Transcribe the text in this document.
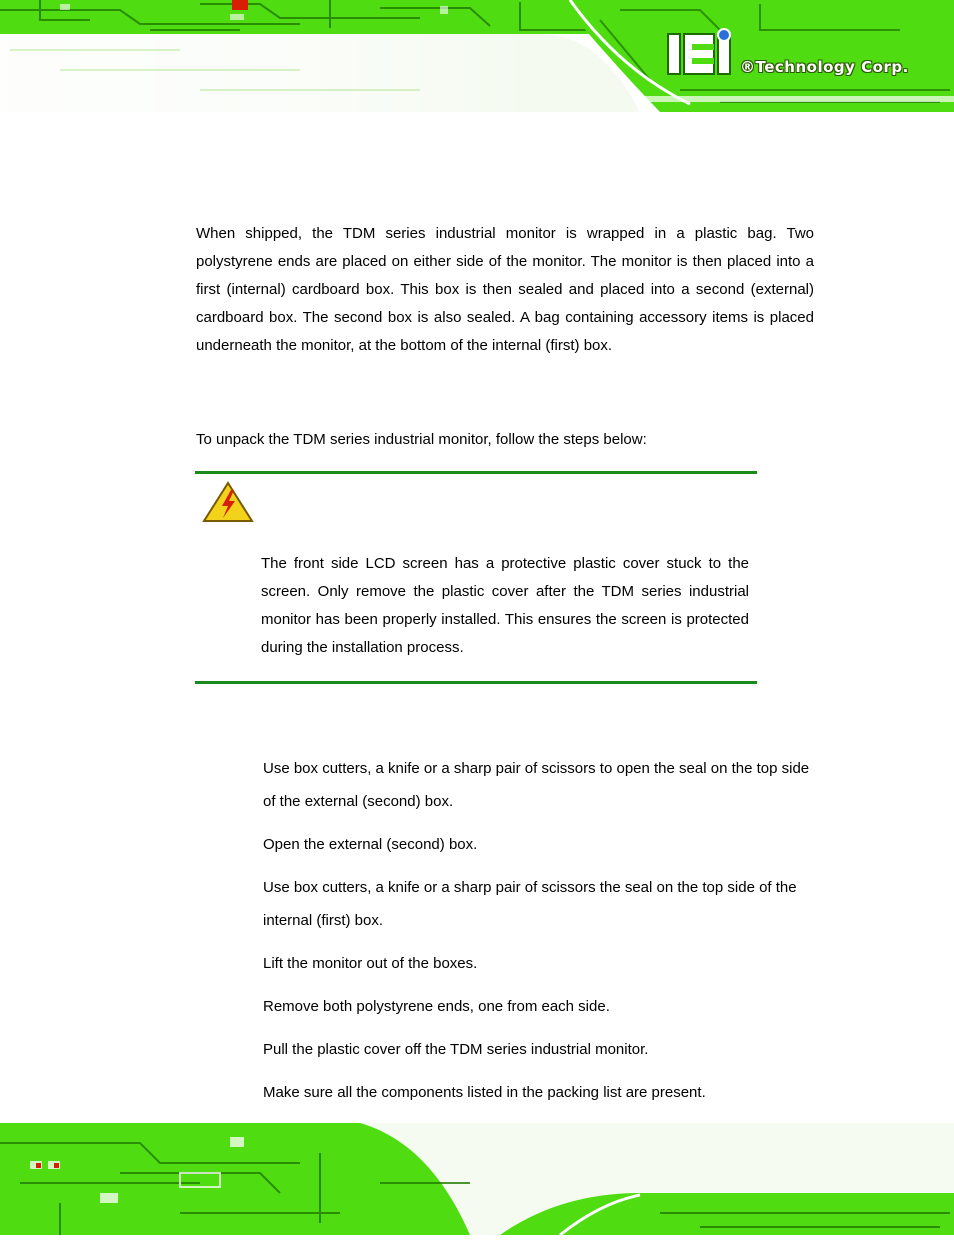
®Technology Corp.
When shipped, the TDM series industrial monitor is wrapped in a plastic bag. Two polystyrene ends are placed on either side of the monitor. The monitor is then placed into a first (internal) cardboard box. This box is then sealed and placed into a second (external) cardboard box. The second box is also sealed. A bag containing accessory items is placed underneath the monitor, at the bottom of the internal (first) box.
To unpack the TDM series industrial monitor, follow the steps below:
The front side LCD screen has a protective plastic cover stuck to the screen. Only remove the plastic cover after the TDM series industrial monitor has been properly installed. This ensures the screen is protected during the installation process.
Use box cutters, a knife or a sharp pair of scissors to open the seal on the top side of the external (second) box.
Open the external (second) box.
Use box cutters, a knife or a sharp pair of scissors the seal on the top side of the internal (first) box.
Lift the monitor out of the boxes.
Remove both polystyrene ends, one from each side.
Pull the plastic cover off the TDM series industrial monitor.
Make sure all the components listed in the packing list are present.
